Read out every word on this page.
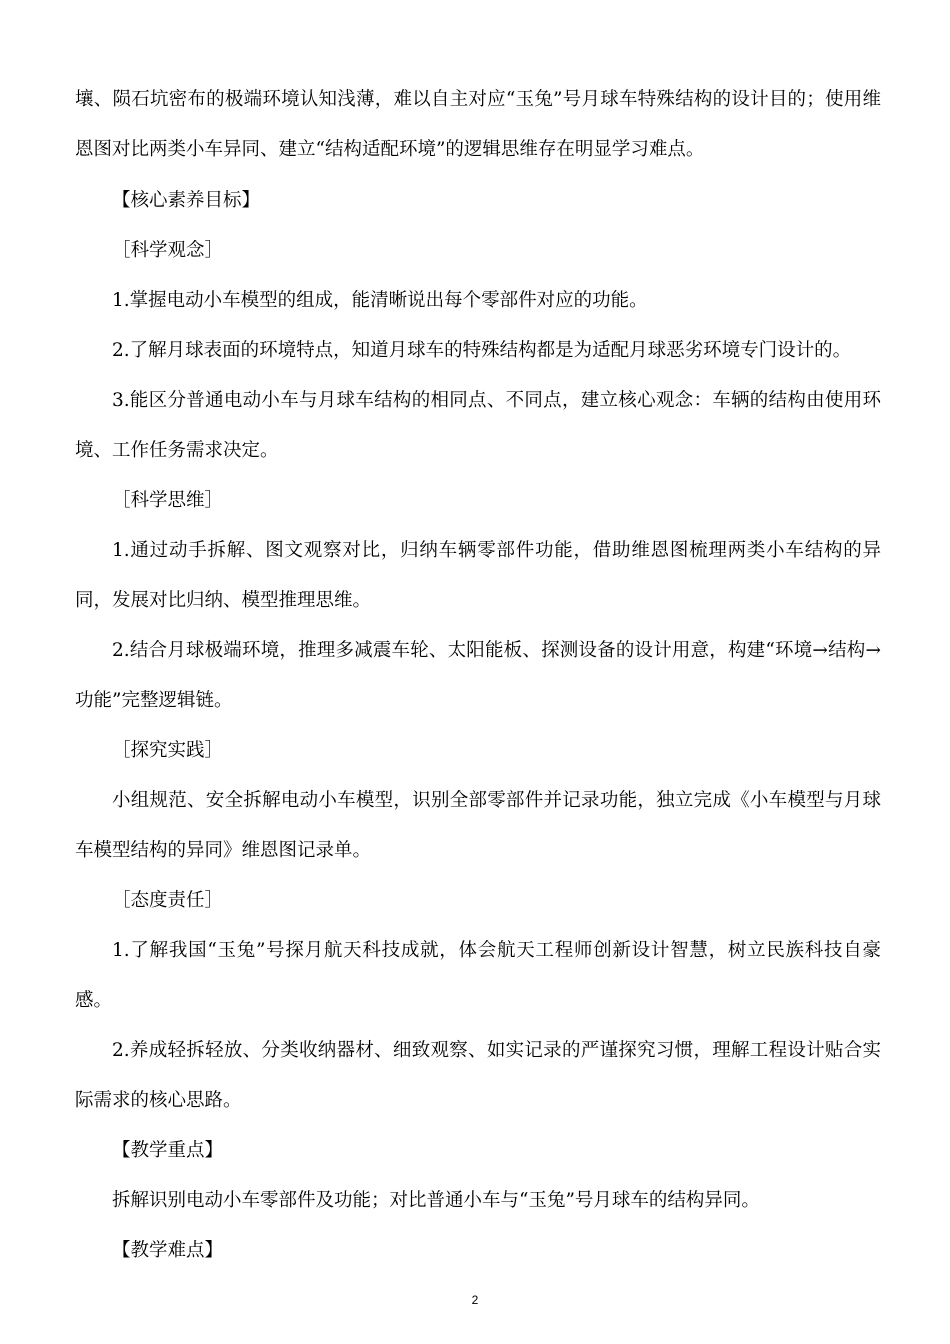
壤、陨石坑密布的极端环境认知浅薄，难以自主对应“玉兔”号月球车特殊结构的设计目的；使用维恩图对比两类小车异同、建立“结构适配环境”的逻辑思维存在明显学习难点。

【核心素养目标】

［科学观念］

1.掌握电动小车模型的组成，能清晰说出每个零部件对应的功能。

2.了解月球表面的环境特点，知道月球车的特殊结构都是为适配月球恶劣环境专门设计的。

3.能区分普通电动小车与月球车结构的相同点、不同点，建立核心观念：车辆的结构由使用环境、工作任务需求决定。

［科学思维］

1.通过动手拆解、图文观察对比，归纳车辆零部件功能，借助维恩图梳理两类小车结构的异同，发展对比归纳、模型推理思维。

2.结合月球极端环境，推理多减震车轮、太阳能板、探测设备的设计用意，构建“环境→结构→功能”完整逻辑链。

［探究实践］

小组规范、安全拆解电动小车模型，识别全部零部件并记录功能，独立完成《小车模型与月球车模型结构的异同》维恩图记录单。

［态度责任］

1.了解我国“玉兔”号探月航天科技成就，体会航天工程师创新设计智慧，树立民族科技自豪感。

2.养成轻拆轻放、分类收纳器材、细致观察、如实记录的严谨探究习惯，理解工程设计贴合实际需求的核心思路。

【教学重点】

拆解识别电动小车零部件及功能；对比普通小车与“玉兔”号月球车的结构异同。

【教学难点】

2
